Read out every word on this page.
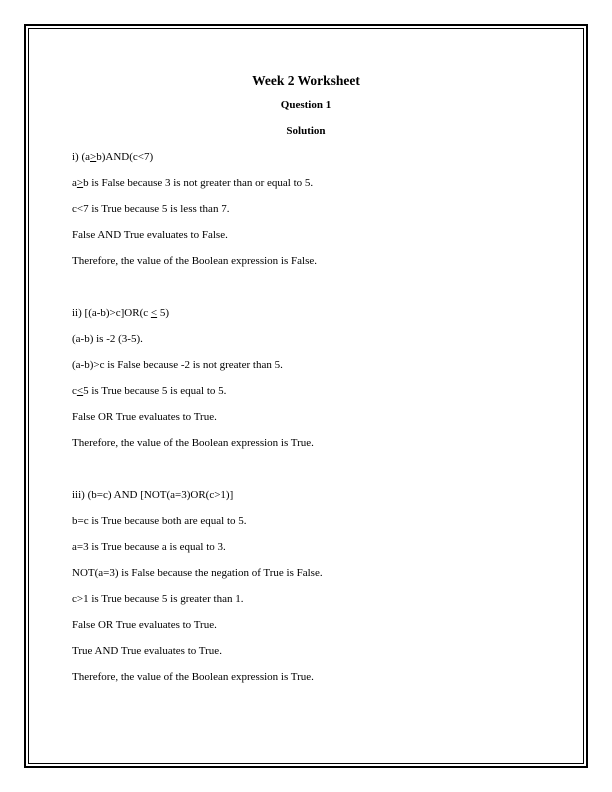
Week 2 Worksheet
Question 1
Solution
i) (a>b)AND(c<7)
a>b is False because 3 is not greater than or equal to 5.
c<7 is True because 5 is less than 7.
False AND True evaluates to False.
Therefore, the value of the Boolean expression is False.
ii) [(a-b)>c]OR(c < 5)
(a-b) is -2 (3-5).
(a-b)>c is False because -2 is not greater than 5.
c<5 is True because 5 is equal to 5.
False OR True evaluates to True.
Therefore, the value of the Boolean expression is True.
iii) (b=c) AND [NOT(a=3)OR(c>1)]
b=c is True because both are equal to 5.
a=3 is True because a is equal to 3.
NOT(a=3) is False because the negation of True is False.
c>1 is True because 5 is greater than 1.
False OR True evaluates to True.
True AND True evaluates to True.
Therefore, the value of the Boolean expression is True.
